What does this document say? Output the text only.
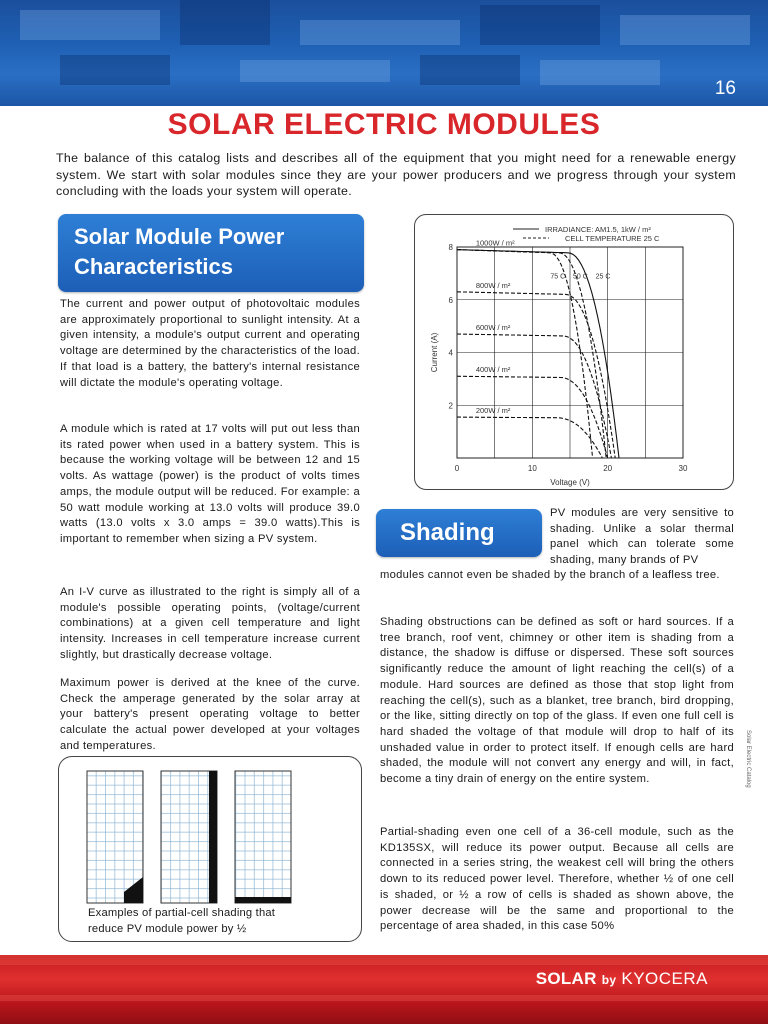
16
SOLAR ELECTRIC MODULES
The balance of this catalog lists and describes all of the equipment that you might need for a renewable energy system. We start with solar modules since they are your power producers and we progress through your system concluding with the loads your system will operate.
Solar Module Power
Characteristics
The current and power output of photovoltaic modules are approximately proportional to sunlight intensity. At a given intensity, a module's output current and operating voltage are determined by the characteristics of the load. If that load is a battery, the battery's internal resistance will dictate the module's operating voltage.
A module which is rated at 17 volts will put out less than its rated power when used in a battery system. This is because the working voltage will be between 12 and 15 volts. As wattage (power) is the product of volts times amps, the module output will be reduced. For example: a 50 watt module working at 13.0 volts will produce 39.0 watts (13.0 volts x 3.0 amps = 39.0 watts).This is important to remember when sizing a PV system.
An I-V curve as illustrated to the right is simply all of a module's possible operating points, (voltage/current combinations) at a given cell temperature and light intensity. Increases in cell temperature increase current slightly, but drastically decrease voltage.
Maximum power is derived at the knee of the curve. Check the amperage generated by the solar array at your battery's present operating voltage to better calculate the actual power developed at your voltages and temperatures.
0	10	20	30
2
4
6
8
Voltage (V)
Current (A)
IRRADIANCE: AM1.5, 1kW / m²
CELL TEMPERATURE 25 C
1000W / m²
800W / m²
600W / m²
400W / m²
200W / m²
75 C 50 C 25 C
Shading
PV modules are very sensitive to shading. Unlike a solar thermal panel which can tolerate some shading, many brands of PV
modules cannot even be shaded by the branch of a leafless tree.
Shading obstructions can be defined as soft or hard sources. If a tree branch, roof vent, chimney or other item is shading from a distance, the shadow is diffuse or dispersed. These soft sources significantly reduce the amount of light reaching the cell(s) of a module. Hard sources are defined as those that stop light from reaching the cell(s), such as a blanket, tree branch, bird dropping, or the like, sitting directly on top of the glass. If even one full cell is hard shaded the voltage of that module will drop to half of its unshaded value in order to protect itself. If enough cells are hard shaded, the module will not convert any energy and will, in fact, become a tiny drain of energy on the entire system.
Partial-shading even one cell of a 36-cell module, such as the KD135SX, will reduce its power output. Because all cells are connected in a series string, the weakest cell will bring the others down to its reduced power level. Therefore, whether ½ of one cell is shaded, or ½ a row of cells is shaded as shown above, the power decrease will be the same and proportional to the percentage of area shaded, in this case 50%
Examples of partial-cell shading that reduce PV module power by ½
Solar Electric Catalog
SOLAR by KYOCERA
